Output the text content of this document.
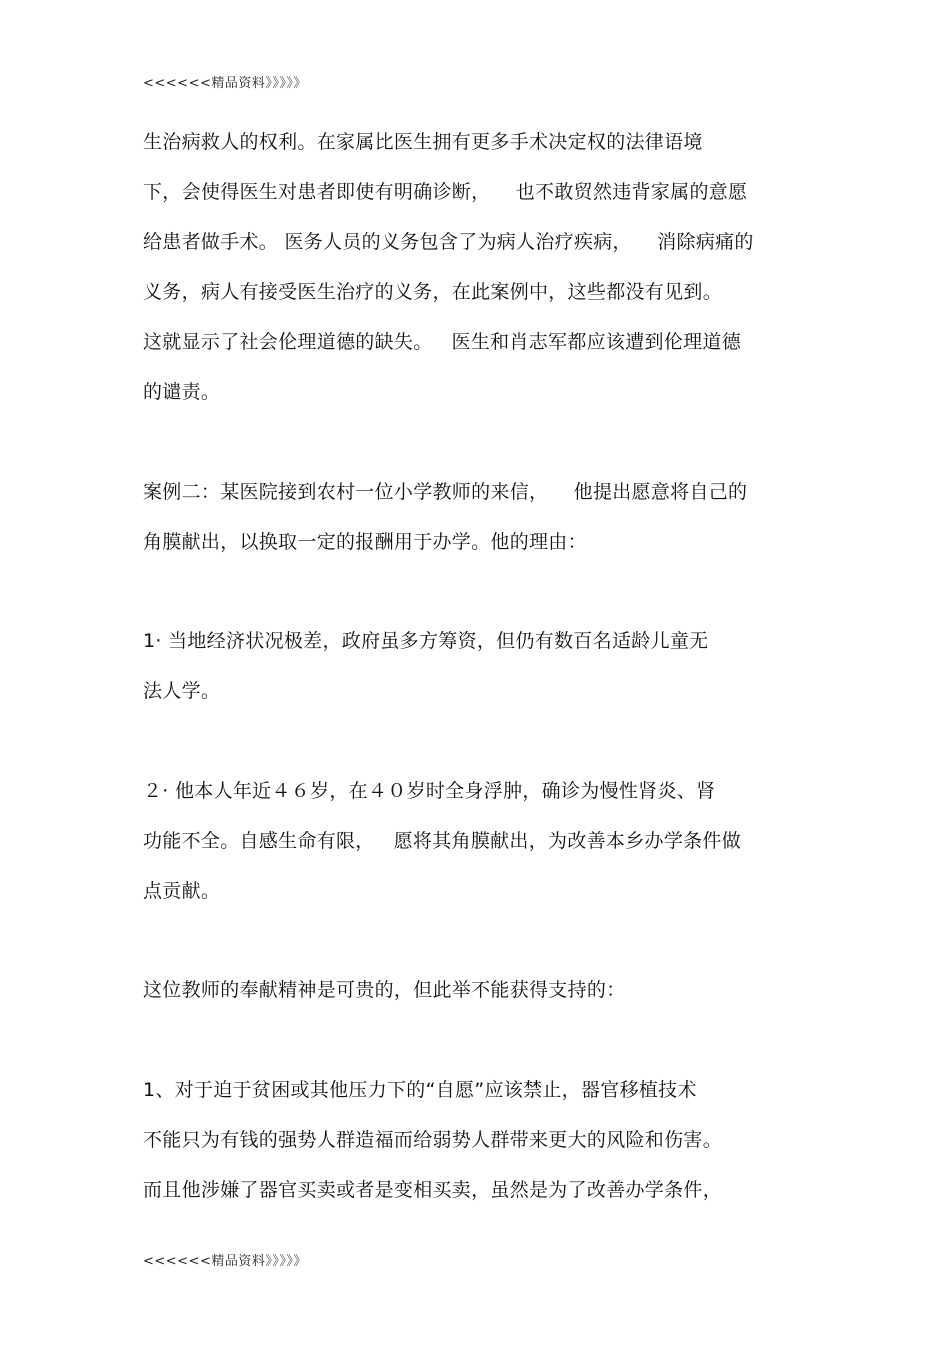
<<<<<<精品资料》》》》》
生治病救人的权利。在家属比医生拥有更多手术决定权的法律语境
下，会使得医生对患者即使有明确诊断，    也不敢贸然违背家属的意愿
给患者做手术。 医务人员的义务包含了为病人治疗疾病，    消除病痛的
义务，病人有接受医生治疗的义务，在此案例中，这些都没有见到。
这就显示了社会伦理道德的缺失。   医生和肖志军都应该遭到伦理道德
的谴责。
案例二：某医院接到农村一位小学教师的来信，    他提出愿意将自己的
角膜献出，以换取一定的报酬用于办学。他的理由：
1· 当地经济状况极差，政府虽多方筹资，但仍有数百名适龄儿童无
法人学。
２· 他本人年近４６岁，在４０岁时全身浮肿，确诊为慢性肾炎、肾
功能不全。自感生命有限，   愿将其角膜献出，为改善本乡办学条件做
点贡献。
这位教师的奉献精神是可贵的，但此举不能获得支持的：
1、对于迫于贫困或其他压力下的“自愿”应该禁止，器官移植技术
不能只为有钱的强势人群造福而给弱势人群带来更大的风险和伤害。
而且他涉嫌了器官买卖或者是变相买卖，虽然是为了改善办学条件，
<<<<<<精品资料》》》》》
